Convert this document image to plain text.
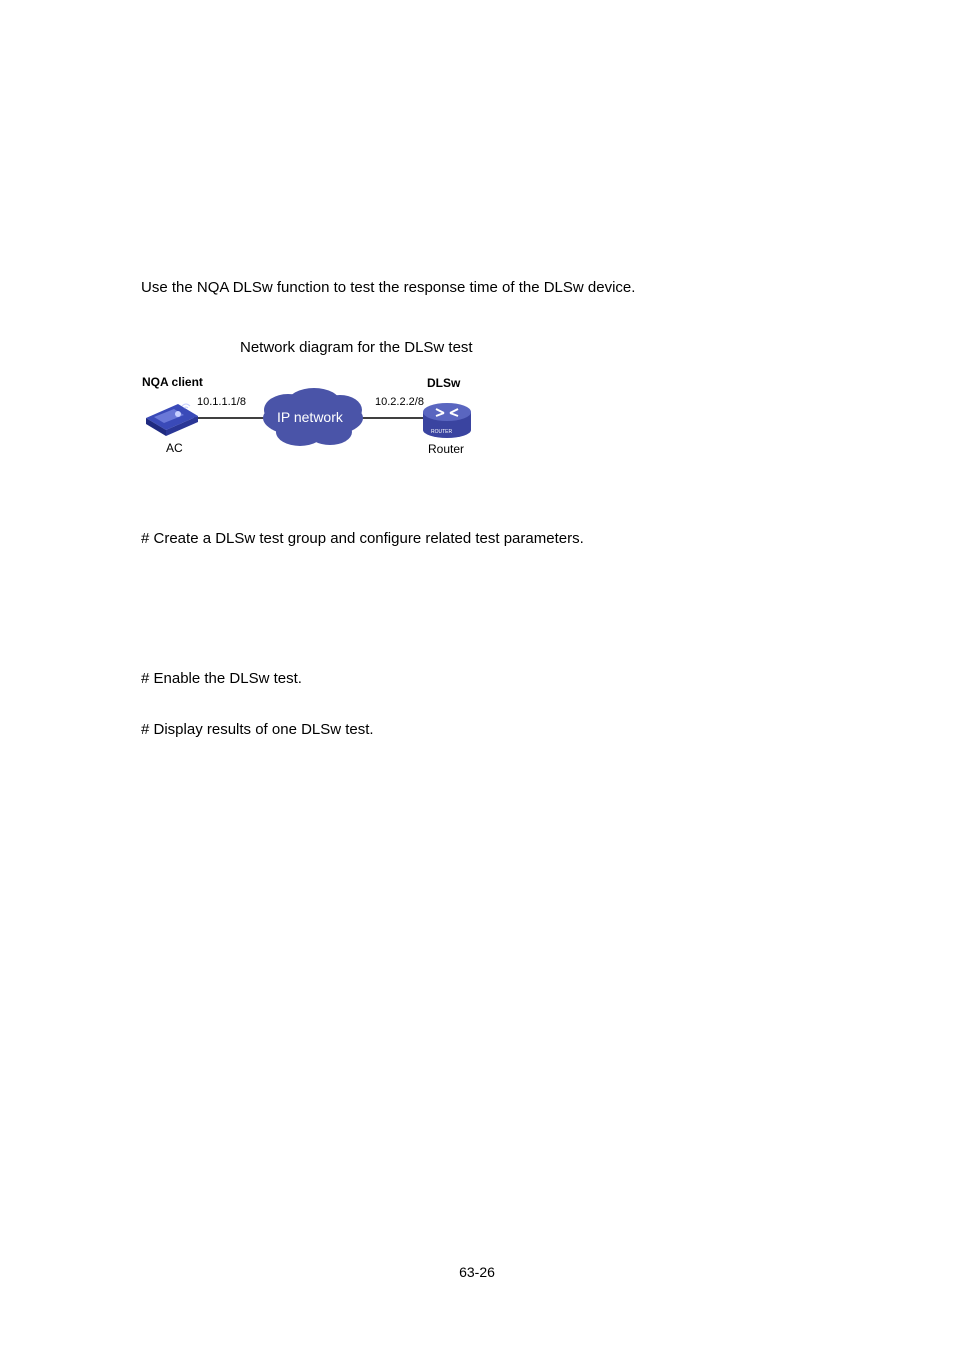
Use the NQA DLSw function to test the response time of the DLSw device.
Network diagram for the DLSw test
NQA client
10.1.1.1/8
AC
IP network
DLSw
10.2.2.2/8
Router
ROUTER
# Create a DLSw test group and configure related test parameters.
# Enable the DLSw test.
# Display results of one DLSw test.
63-26
